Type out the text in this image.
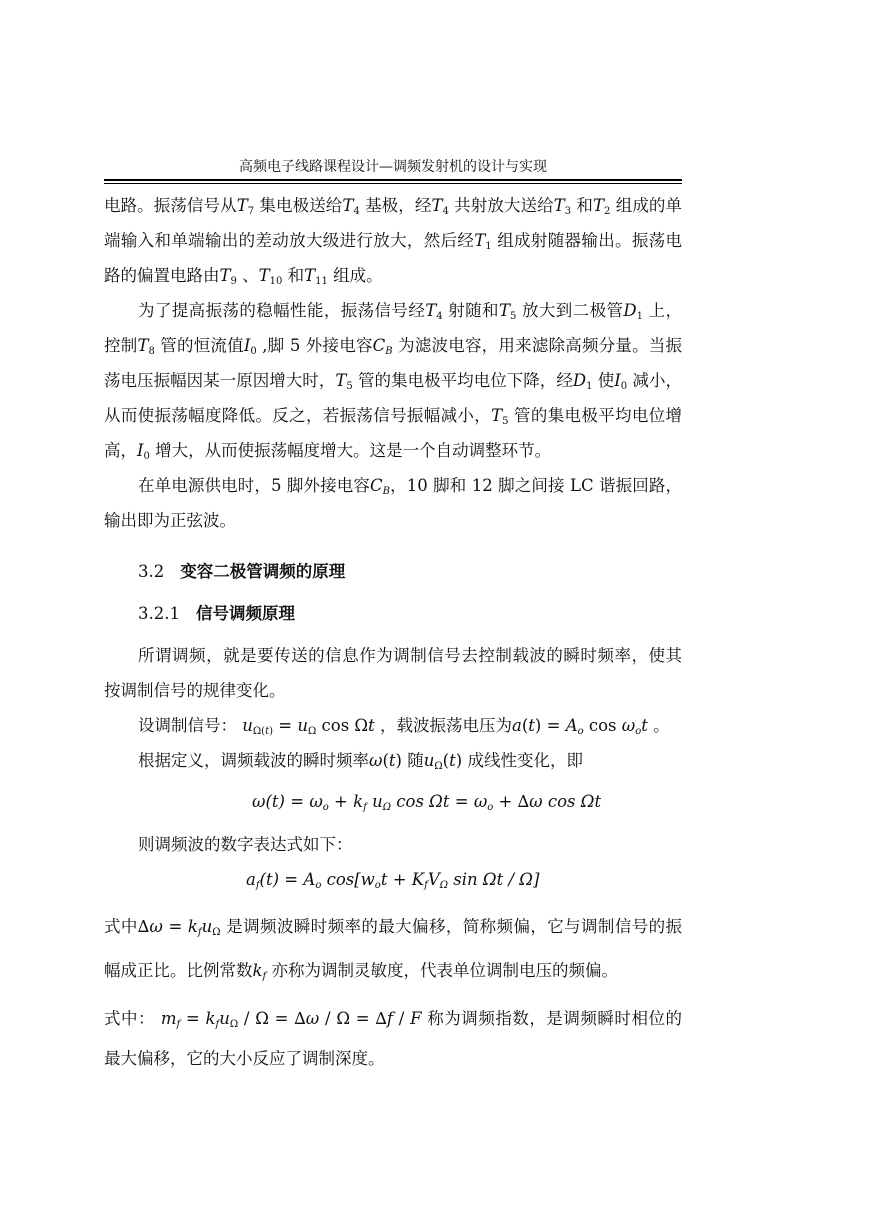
高频电子线路课程设计—调频发射机的设计与实现

电路。振荡信号从$T_7$ 集电极送给$T_4$ 基极，经$T_4$ 共射放大送给$T_3$ 和$T_2$ 组成的单端输入和单端输出的差动放大级进行放大，然后经$T_1$ 组成射随器输出。振荡电路的偏置电路由$T_9$ 、$T_{10}$ 和$T_{11}$ 组成。

为了提高振荡的稳幅性能，振荡信号经$T_4$ 射随和$T_5$ 放大到二极管$D_1$ 上，控制$T_8$ 管的恒流值$I_0$ ,脚 5 外接电容$C_B$ 为滤波电容，用来滤除高频分量。当振荡电压振幅因某一原因增大时，$T_5$ 管的集电极平均电位下降，经$D_1$ 使$I_0$ 减小，从而使振荡幅度降低。反之，若振荡信号振幅减小，$T_5$ 管的集电极平均电位增高，$I_0$ 增大，从而使振荡幅度增大。这是一个自动调整环节。

在单电源供电时，5 脚外接电容$C_B$，10 脚和 12 脚之间接 LC 谐振回路，输出即为正弦波。

3.2 变容二极管调频的原理

3.2.1 信号调频原理

所谓调频，就是要传送的信息作为调制信号去控制载波的瞬时频率，使其按调制信号的规律变化。

设调制信号： $u_{\Omega(t)} = u_\Omega$ cos Ωt ，载波振荡电压为$a(t) = A_o$ $\cos \omega_ot$ 。

根据定义，调频载波的瞬时频率ω(t) 随$u_\Omega(t)$ 成线性变化，即

$\omega(t) = \omega_o + k_f$ $u_\Omega$ $\cos \Omega t = \omega_o + \Delta\omega$ cos Ωt

则调频波的数字表达式如下：

$a_f(t) = A_o$ $\cos[w_ot + K_fV_\Omega$ sin Ωt / Ω]

式中$\Delta\omega = k_fu_\Omega$ 是调频波瞬时频率的最大偏移，简称频偏，它与调制信号的振幅成正比。比例常数$k_f$ 亦称为调制灵敏度，代表单位调制电压的频偏。

式中： $m_f = k_fu_\Omega / \Omega = \Delta\omega / \Omega = \Delta f / F$ 称为调频指数，是调频瞬时相位的最大偏移，它的大小反应了调制深度。
